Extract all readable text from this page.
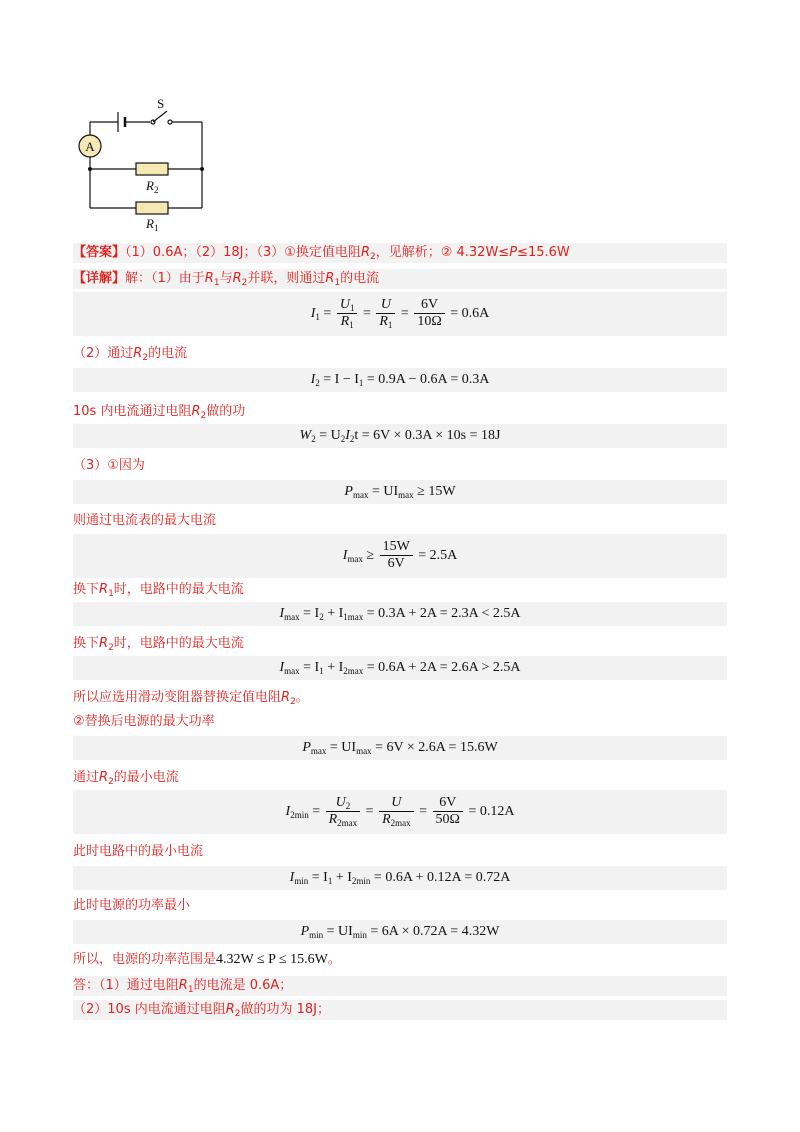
A
S
$R_2$
$R_1$
【答案】（1）0.6A；（2）18J；（3）①换定值电阻$R_2$，见解析；② 4.32W≤P≤15.6W
【详解】解：（1）由于$R_1$与$R_2$并联，则通过$R_1$的电流
$I_1 = \frac{U_1}{R_1} = \frac{U}{R_1} = \frac{6V}{10\Omega} = 0.6A$
（2）通过$R_2$的电流
$I_2 = I - I_1 = 0.9A - 0.6A = 0.3A$
10s 内电流通过电阻$R_2$做的功
$W_2 = U_2I_2t = 6V \times 0.3A \times 10s = 18J$
（3）①因为
$P_{max} = UI_{max} \ge 15W$
则通过电流表的最大电流
$I_{max} \ge \frac{15W}{6V} = 2.5A$
换下$R_1$时，电路中的最大电流
$I_{max} = I_2 + I_{1max} = 0.3A + 2A = 2.3A < 2.5A$
换下$R_2$时，电路中的最大电流
$I_{max} = I_1 + I_{2max} = 0.6A + 2A = 2.6A > 2.5A$
所以应选用滑动变阻器替换定值电阻$R_2$。
②替换后电源的最大功率
$P_{max} = UI_{max} = 6V \times 2.6A = 15.6W$
通过$R_2$的最小电流
$I_{2min} = \frac{U_2}{R_{2max}} = \frac{U}{R_{2max}} = \frac{6V}{50\Omega} = 0.12A$
此时电路中的最小电流
$I_{min} = I_1 + I_{2min} = 0.6A + 0.12A = 0.72A$
此时电源的功率最小
$P_{min} = UI_{min} = 6A \times 0.72A = 4.32W$
所以，电源的功率范围是4.32W ≤ P ≤ 15.6W。
答：（1）通过电阻$R_1$的电流是 0.6A；
（2）10s 内电流通过电阻$R_2$做的功为 18J；
